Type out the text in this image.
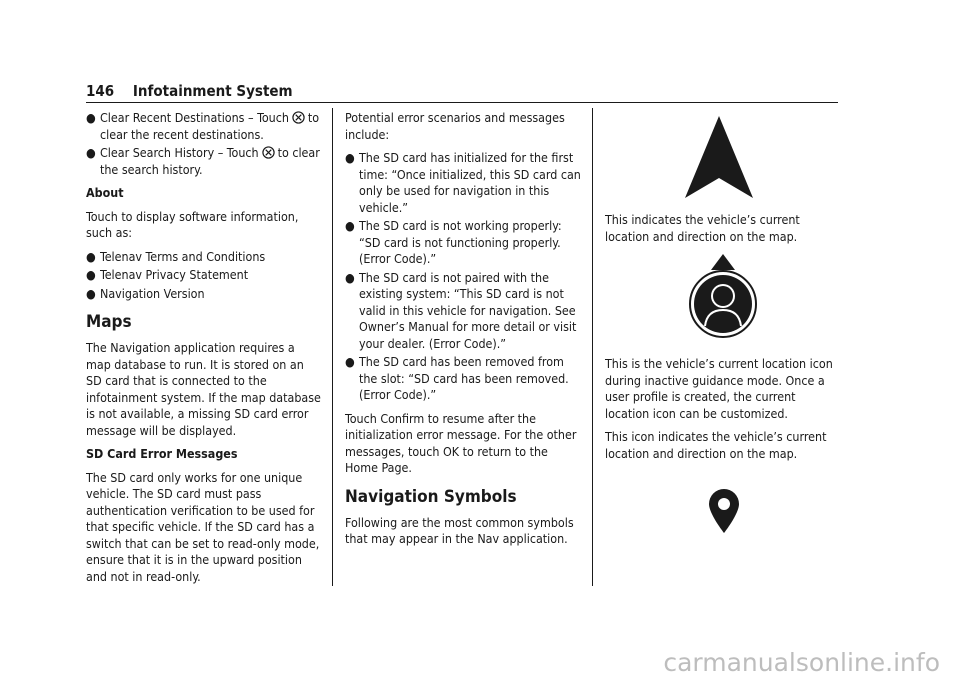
146 Infotainment System
● Clear Recent Destinations – Touch to
clear the recent destinations.
● Clear Search History – Touch to clear
the search history.

About

Touch to display software information, such as:

● Telenav Terms and Conditions
● Telenav Privacy Statement
● Navigation Version
Maps

The Navigation application requires a map database to run. It is stored on an SD card that is connected to the infotainment system. If the map database is not available, a missing SD card error message will be displayed.

SD Card Error Messages

The SD card only works for one unique vehicle. The SD card must pass authentication verification to be used for that specific vehicle. If the SD card has a switch that can be set to read-only mode, ensure that it is in the upward position and not in read-only.

Potential error scenarios and messages include:

● The SD card has initialized for the first time: “Once initialized, this SD card can only be used for navigation in this vehicle.”
● The SD card is not working properly: “SD card is not functioning properly. (Error Code).”
● The SD card is not paired with the existing system: “This SD card is not valid in this vehicle for navigation. See Owner’s Manual for more detail or visit your dealer. (Error Code).”
● The SD card has been removed from the slot: “SD card has been removed. (Error Code).”

Touch Confirm to resume after the initialization error message. For the other messages, touch OK to return to the Home Page.

Navigation Symbols

Following are the most common symbols that may appear in the Nav application.

This indicates the vehicle’s current location and direction on the map.

This is the vehicle’s current location icon during inactive guidance mode. Once a user profile is created, the current location icon can be customized.

This icon indicates the vehicle’s current location and direction on the map.

carmanualsonline.info
